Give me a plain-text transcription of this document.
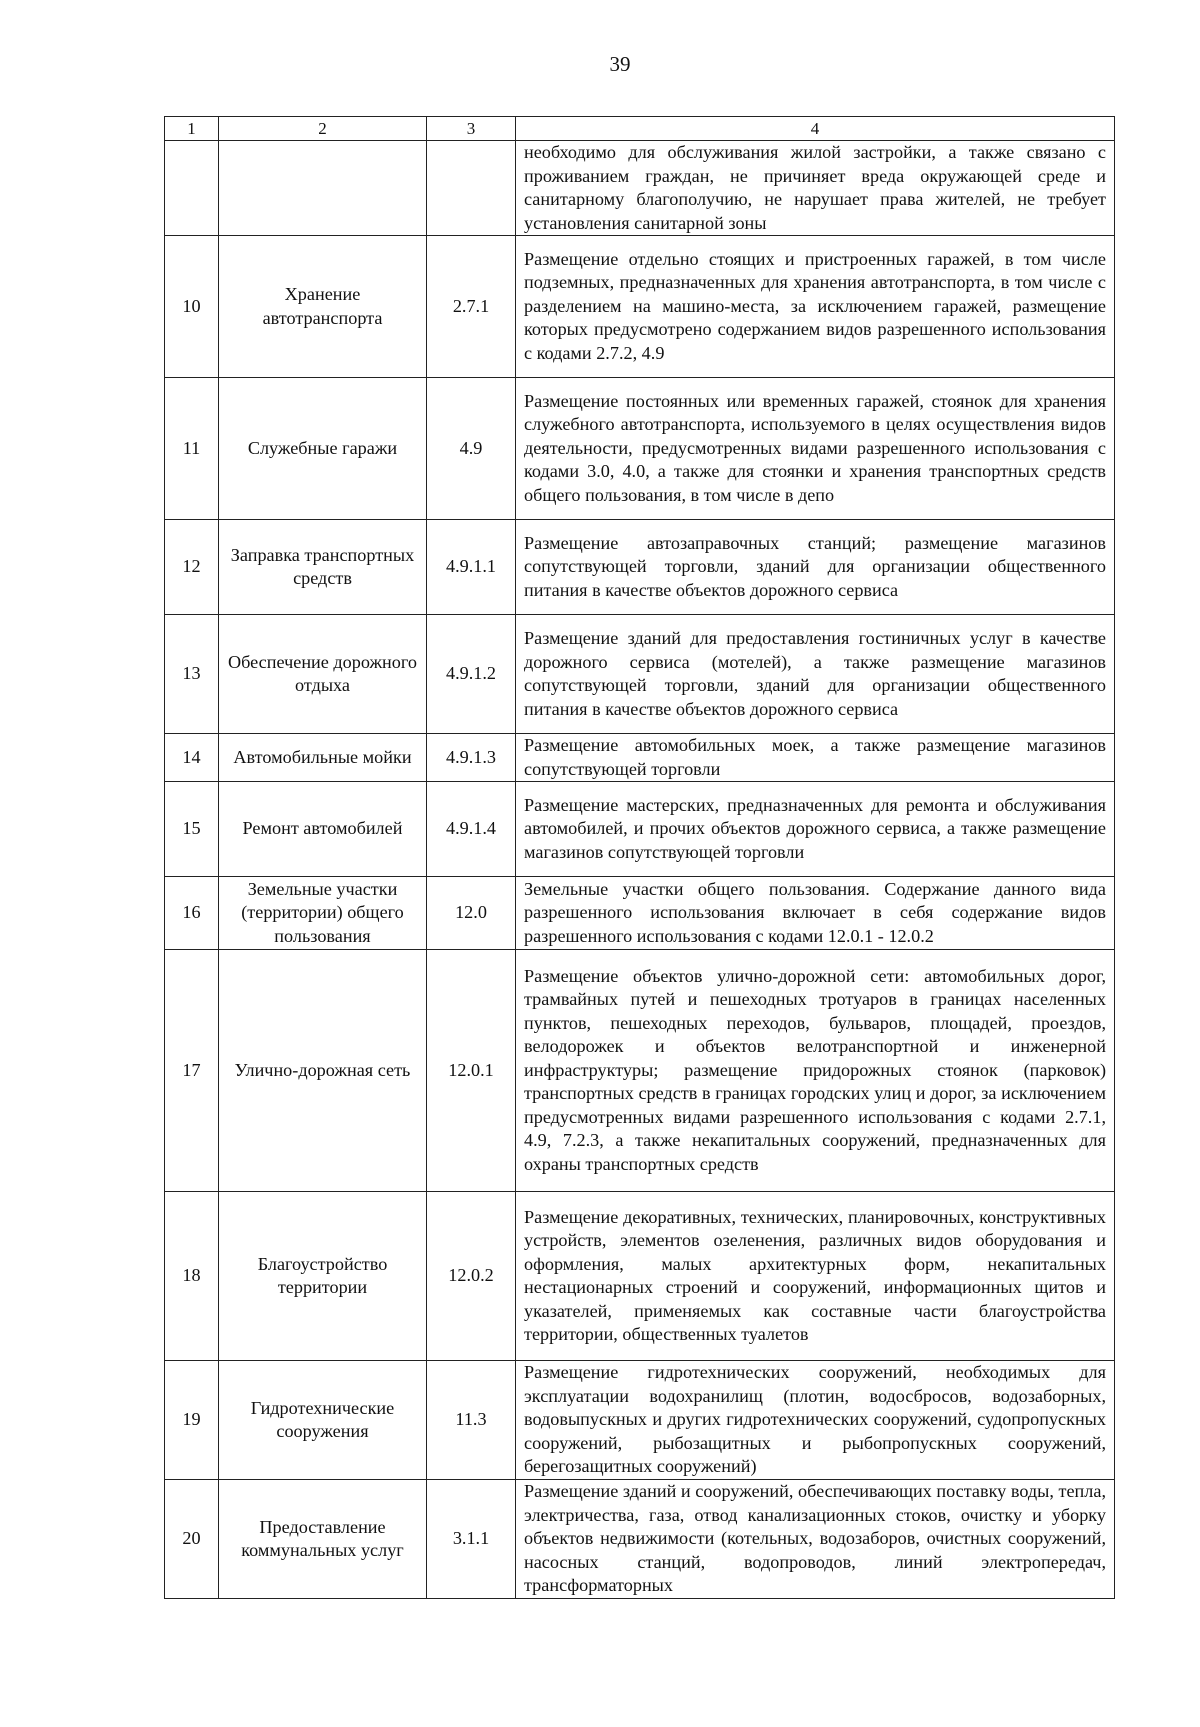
39
1	2	3	4
			необходимо для обслуживания жилой застройки, а также связано с проживанием граждан, не причиняет вреда окружающей среде и санитарному благополучию, не нарушает права жителей, не требует установления санитарной зоны
10	Хранение автотранспорта	2.7.1	Размещение отдельно стоящих и пристроенных гаражей, в том числе подземных, предназначенных для хранения автотранспорта, в том числе с разделением на машино-места, за исключением гаражей, размещение которых предусмотрено содержанием видов разрешенного использования с кодами 2.7.2, 4.9
11	Служебные гаражи	4.9	Размещение постоянных или временных гаражей, стоянок для хранения служебного автотранспорта, используемого в целях осуществления видов деятельности, предусмотренных видами разрешенного использования с кодами 3.0, 4.0, а также для стоянки и хранения транспортных средств общего пользования, в том числе в депо
12	Заправка транспортных средств	4.9.1.1	Размещение автозаправочных станций; размещение магазинов сопутствующей торговли, зданий для организации общественного питания в качестве объектов дорожного сервиса
13	Обеспечение дорожного отдыха	4.9.1.2	Размещение зданий для предоставления гостиничных услуг в качестве дорожного сервиса (мотелей), а также размещение магазинов сопутствующей торговли, зданий для организации общественного питания в качестве объектов дорожного сервиса
14	Автомобильные мойки	4.9.1.3	Размещение автомобильных моек, а также размещение магазинов сопутствующей торговли
15	Ремонт автомобилей	4.9.1.4	Размещение мастерских, предназначенных для ремонта и обслуживания автомобилей, и прочих объектов дорожного сервиса, а также размещение магазинов сопутствующей торговли
16	Земельные участки (территории) общего пользования	12.0	Земельные участки общего пользования. Содержание данного вида разрешенного использования включает в себя содержание видов разрешенного использования с кодами 12.0.1 - 12.0.2
17	Улично-дорожная сеть	12.0.1	Размещение объектов улично-дорожной сети: автомобильных дорог, трамвайных путей и пешеходных тротуаров в границах населенных пунктов, пешеходных переходов, бульваров, площадей, проездов, велодорожек и объектов велотранспортной и инженерной инфраструктуры; размещение придорожных стоянок (парковок) транспортных средств в границах городских улиц и дорог, за исключением предусмотренных видами разрешенного использования с кодами 2.7.1, 4.9, 7.2.3, а также некапитальных сооружений, предназначенных для охраны транспортных средств
18	Благоустройство территории	12.0.2	Размещение декоративных, технических, планировочных, конструктивных устройств, элементов озеленения, различных видов оборудования и оформления, малых архитектурных форм, некапитальных нестационарных строений и сооружений, информационных щитов и указателей, применяемых как составные части благоустройства территории, общественных туалетов
19	Гидротехнические сооружения	11.3	Размещение гидротехнических сооружений, необходимых для эксплуатации водохранилищ (плотин, водосбросов, водозаборных, водовыпускных и других гидротехнических сооружений, судопропускных сооружений, рыбозащитных и рыбопропускных сооружений, берегозащитных сооружений)
20	Предоставление коммунальных услуг	3.1.1	Размещение зданий и сооружений, обеспечивающих поставку воды, тепла, электричества, газа, отвод канализационных стоков, очистку и уборку объектов недвижимости (котельных, водозаборов, очистных сооружений, насосных станций, водопроводов, линий электропередач, трансформаторных
